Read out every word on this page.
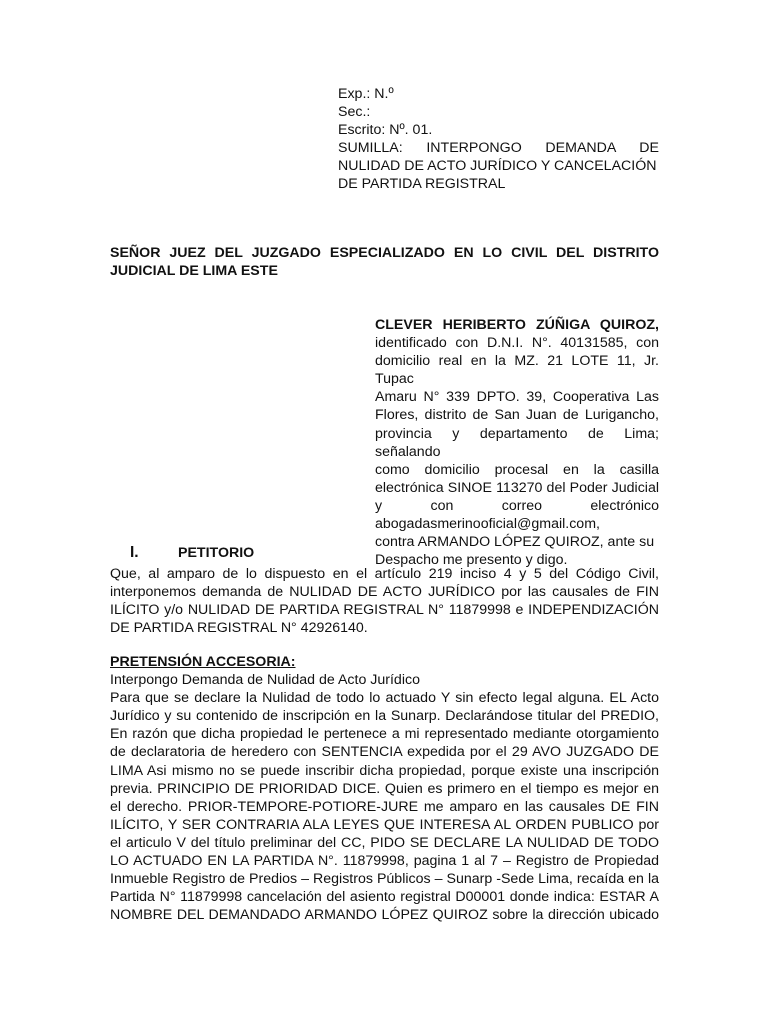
Exp.: N.º
Sec.:
Escrito: Nº. 01.
SUMILLA: INTERPONGO DEMANDA DE
NULIDAD DE ACTO JURÍDICO Y CANCELACIÓN
DE PARTIDA REGISTRAL
SEÑOR JUEZ DEL JUZGADO ESPECIALIZADO EN LO CIVIL DEL DISTRITO
JUDICIAL DE LIMA ESTE
CLEVER HERIBERTO ZÚÑIGA QUIROZ,
identificado con D.N.I. N°. 40131585, con
domicilio real en la MZ. 21 LOTE 11, Jr. Tupac
Amaru N° 339 DPTO. 39, Cooperativa Las
Flores, distrito de San Juan de Lurigancho,
provincia y departamento de Lima; señalando
como domicilio procesal en la casilla
electrónica SINOE 113270 del Poder Judicial
y con correo electrónico
abogadasmerinooficial@gmail.com,
contra ARMANDO LÓPEZ QUIROZ, ante su
Despacho me presento y digo.
I.	PETITORIO
Que, al amparo de lo dispuesto en el artículo 219 inciso 4 y 5 del Código Civil,
interponemos demanda de NULIDAD DE ACTO JURÍDICO por las causales de FIN
ILÍCITO y/o NULIDAD DE PARTIDA REGISTRAL N° 11879998 e INDEPENDIZACIÓN
DE PARTIDA REGISTRAL N° 42926140.
PRETENSIÓN ACCESORIA:
Interpongo Demanda de Nulidad de Acto Jurídico
Para que se declare la Nulidad de todo lo actuado Y sin efecto legal alguna. EL Acto
Jurídico y su contenido de inscripción en la Sunarp. Declarándose titular del PREDIO,
En razón que dicha propiedad le pertenece a mi representado mediante otorgamiento
de declaratoria de heredero con SENTENCIA expedida por el 29 AVO JUZGADO DE
LIMA Asi mismo no se puede inscribir dicha propiedad, porque existe una inscripción
previa. PRINCIPIO DE PRIORIDAD DICE. Quien es primero en el tiempo es mejor en
el derecho. PRIOR-TEMPORE-POTIORE-JURE me amparo en las causales DE FIN
ILÍCITO, Y SER CONTRARIA ALA LEYES QUE INTERESA AL ORDEN PUBLICO por
el articulo V del título preliminar del CC, PIDO SE DECLARE LA NULIDAD DE TODO
LO ACTUADO EN LA PARTIDA N°. 11879998, pagina 1 al 7 – Registro de Propiedad
Inmueble Registro de Predios – Registros Públicos – Sunarp -Sede Lima, recaída en la
Partida N° 11879998 cancelación del asiento registral D00001 donde indica: ESTAR A
NOMBRE DEL DEMANDADO ARMANDO LÓPEZ QUIROZ sobre la dirección ubicado
